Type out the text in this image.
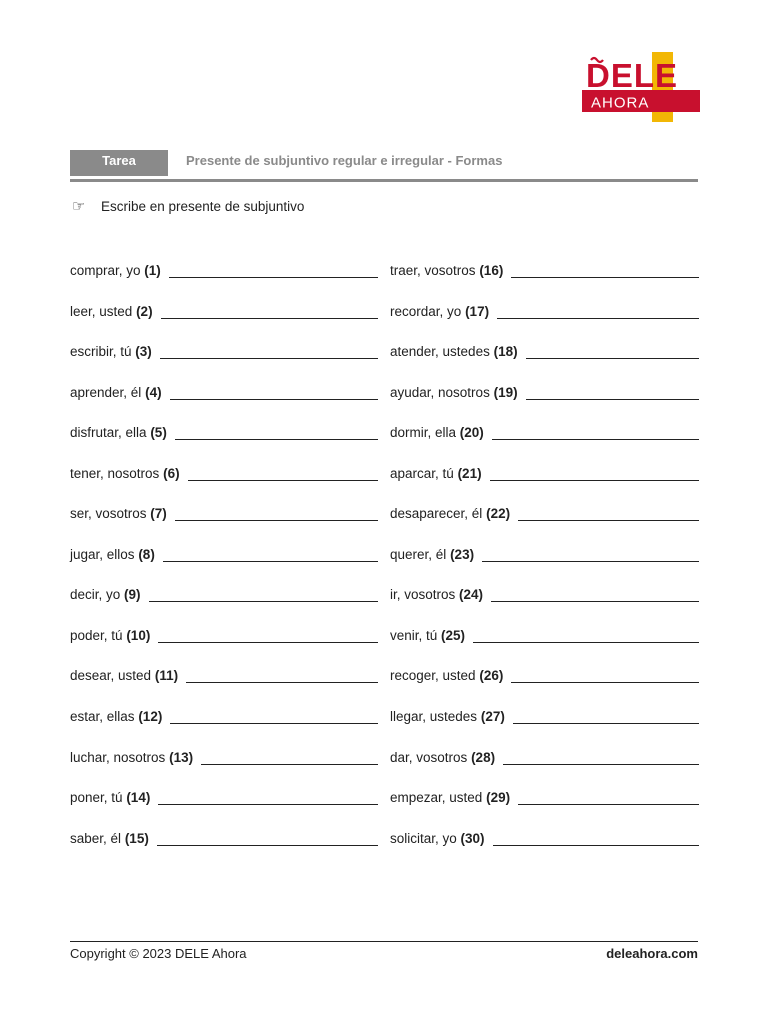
DELE
AHORA
Tarea	Presente de subjuntivo regular e irregular - Formas
☞	Escribe en presente de subjuntivo
comprar, yo (1)
leer, usted (2)
escribir, tú (3)
aprender, él (4)
disfrutar, ella (5)
tener, nosotros (6)
ser, vosotros (7)
jugar, ellos (8)
decir, yo (9)
poder, tú (10)
desear, usted (11)
estar, ellas (12)
luchar, nosotros (13)
poner, tú (14)
saber, él (15)
traer, vosotros (16)
recordar, yo (17)
atender, ustedes (18)
ayudar, nosotros (19)
dormir, ella (20)
aparcar, tú (21)
desaparecer, él (22)
querer, él (23)
ir, vosotros (24)
venir, tú (25)
recoger, usted (26)
llegar, ustedes (27)
dar, vosotros (28)
empezar, usted (29)
solicitar, yo (30)
Copyright © 2023 DELE Ahora	deleahora.com
